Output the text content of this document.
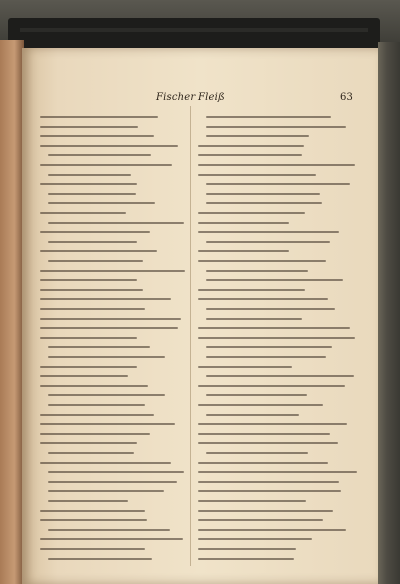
Fischer Fleiß	63
